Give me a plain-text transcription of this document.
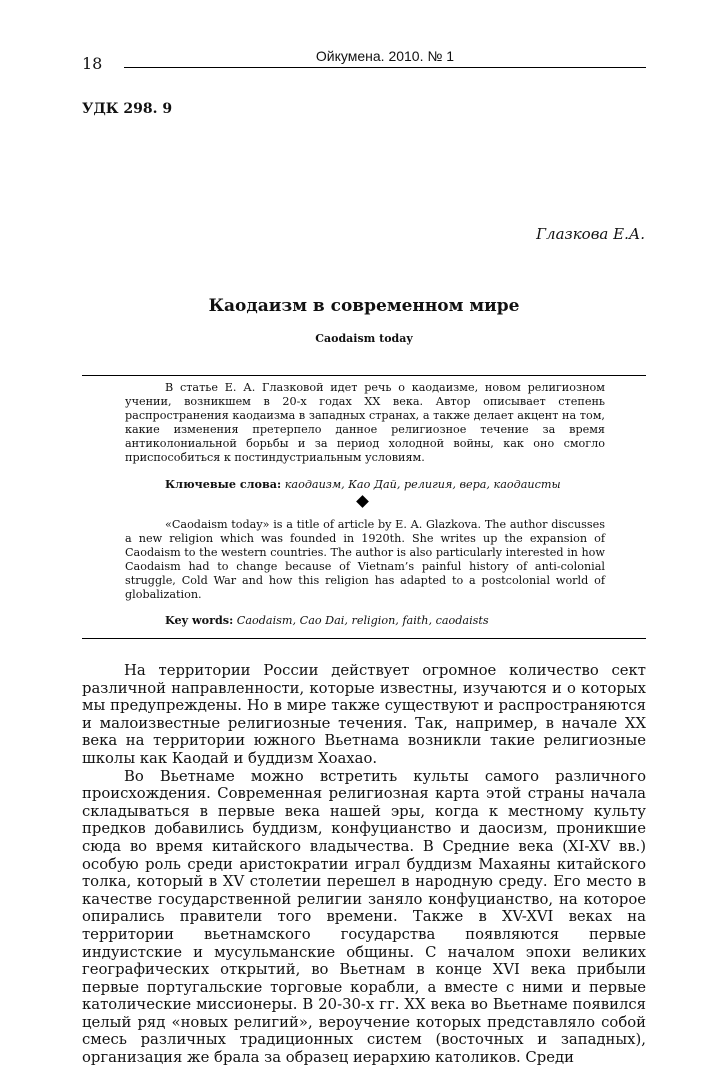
18	Ойкумена. 2010. № 1
УДК 298. 9
Глазкова Е.А.
Каодаизм в современном мире
Caodaism today

В статье Е. А. Глазковой идет речь о каодаизме, новом религиозном учении, возникшем в 20-х годах XX века. Автор описывает степень распространения каодаизма в западных странах, а также делает акцент на том, какие изменения претерпело данное религиозное течение за время антиколониальной борьбы и за период холодной войны, как оно смогло приспособиться к постиндустриальным условиям.

Ключевые слова: каодаизм, Као Дай, религия, вера, каодаисты

«Caodaism today» is a title of article by E. A. Glazkova. The author discusses a new religion which was founded in 1920th. She writes up the expansion of Caodaism to the western countries. The author is also particularly interested in how Caodaism had to change because of Vietnam’s painful history of anti-colonial struggle, Cold War and how this religion has adapted to a postcolonial world of globalization.

Key words: Caodaism, Cao Dai, religion, faith, caodaists

На территории России действует огромное количество сект различной направленности, которые известны, изучаются и о которых мы предупреждены. Но в мире также существуют и распространяются и малоизвестные религиозные течения. Так, например, в начале XX века на территории южного Вьетнама возникли такие религиозные школы как Каодай и буддизм Хоахао.

Во Вьетнаме можно встретить культы самого различного происхождения. Современная религиозная карта этой страны начала складываться в первые века нашей эры, когда к местному культу предков добавились буддизм, конфуцианство и даосизм, проникшие сюда во время китайского владычества. В Средние века (XI-XV вв.) особую роль среди аристократии играл буддизм Махаяны китайского толка, который в XV столетии перешел в народную среду. Его место в качестве государственной религии заняло конфуцианство, на которое опирались правители того времени. Также в XV-XVI веках на территории вьетнамского государства появляются первые индуистские и мусульманские общины. С началом эпохи великих географических открытий, во Вьетнам в конце XVI века прибыли первые португальские торговые корабли, а вместе с ними и первые католические миссионеры. В 20-30-х гг. XX века во Вьетнаме появился целый ряд «новых религий», вероучение которых представляло собой смесь различных традиционных систем (восточных и западных), организация же брала за образец иерархию католиков. Среди
